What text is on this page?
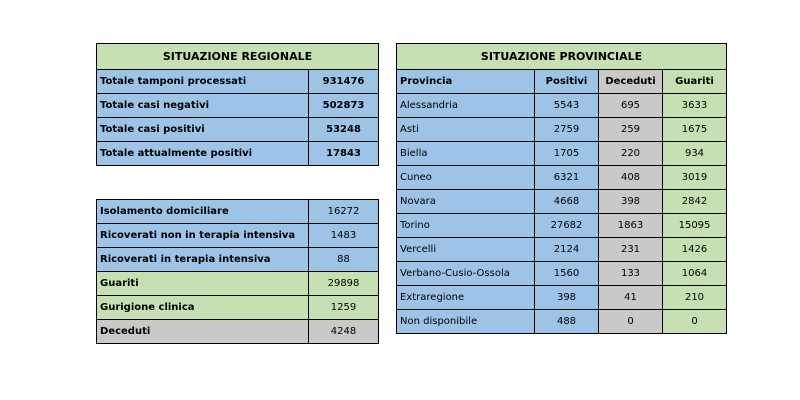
SITUAZIONE REGIONALE	
Totale tamponi processati	931476
Totale casi negativi	502873
Totale casi positivi	53248
Totale attualmente positivi	17843
Isolamento domiciliare	16272
Ricoverati non in terapia intensiva	1483
Ricoverati in terapia intensiva	88
Guariti	29898
Gurigione clinica	1259
Deceduti	4248
SITUAZIONE PROVINCIALE			
Provincia	Positivi	Deceduti	Guariti
Alessandria	5543	695	3633
Asti	2759	259	1675
Biella	1705	220	934
Cuneo	6321	408	3019
Novara	4668	398	2842
Torino	27682	1863	15095
Vercelli	2124	231	1426
Verbano-Cusio-Ossola	1560	133	1064
Extraregione	398	41	210
Non disponibile	488	0	0
